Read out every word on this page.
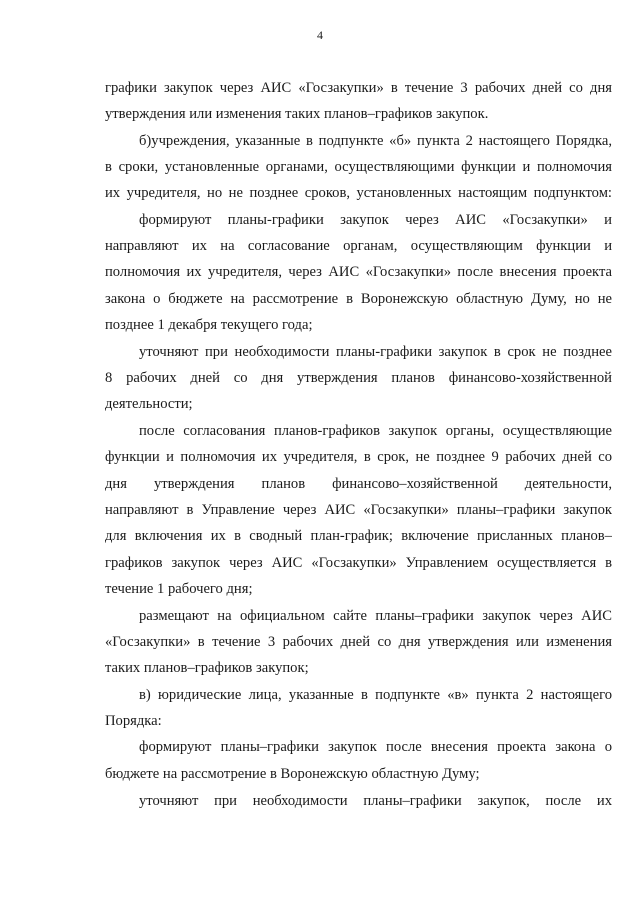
4
графики закупок через АИС «Госзакупки» в течение 3 рабочих дней со дня
утверждения или изменения таких планов–графиков закупок.
б)учреждения, указанные в подпункте «б» пункта 2 настоящего Порядка,
в сроки, установленные органами, осуществляющими функции и полномочия
их учредителя, но не позднее сроков, установленных настоящим подпунктом:
формируют планы-графики закупок через АИС «Госзакупки» и
направляют их на согласование органам, осуществляющим функции и
полномочия их учредителя, через АИС «Госзакупки» после внесения проекта
закона о бюджете на рассмотрение в Воронежскую областную Думу, но не
позднее 1 декабря текущего года;
уточняют при необходимости планы-графики закупок в срок не позднее
8 рабочих дней со дня утверждения планов финансово-хозяйственной
деятельности;
после согласования планов-графиков закупок органы, осуществляющие
функции и полномочия их учредителя, в срок, не позднее 9 рабочих дней со
дня утверждения планов финансово–хозяйственной деятельности,
направляют в Управление через АИС «Госзакупки» планы–графики закупок
для включения их в сводный план-график; включение присланных планов–
графиков закупок через АИС «Госзакупки» Управлением осуществляется в
течение 1 рабочего дня;
размещают на официальном сайте планы–графики закупок через АИС
«Госзакупки» в течение 3 рабочих дней со дня утверждения или изменения
таких планов–графиков закупок;
в) юридические лица, указанные в подпункте «в» пункта 2 настоящего
Порядка:
формируют планы–графики закупок после внесения проекта закона о
бюджете на рассмотрение в Воронежскую областную Думу;
уточняют при необходимости планы–графики закупок, после их
